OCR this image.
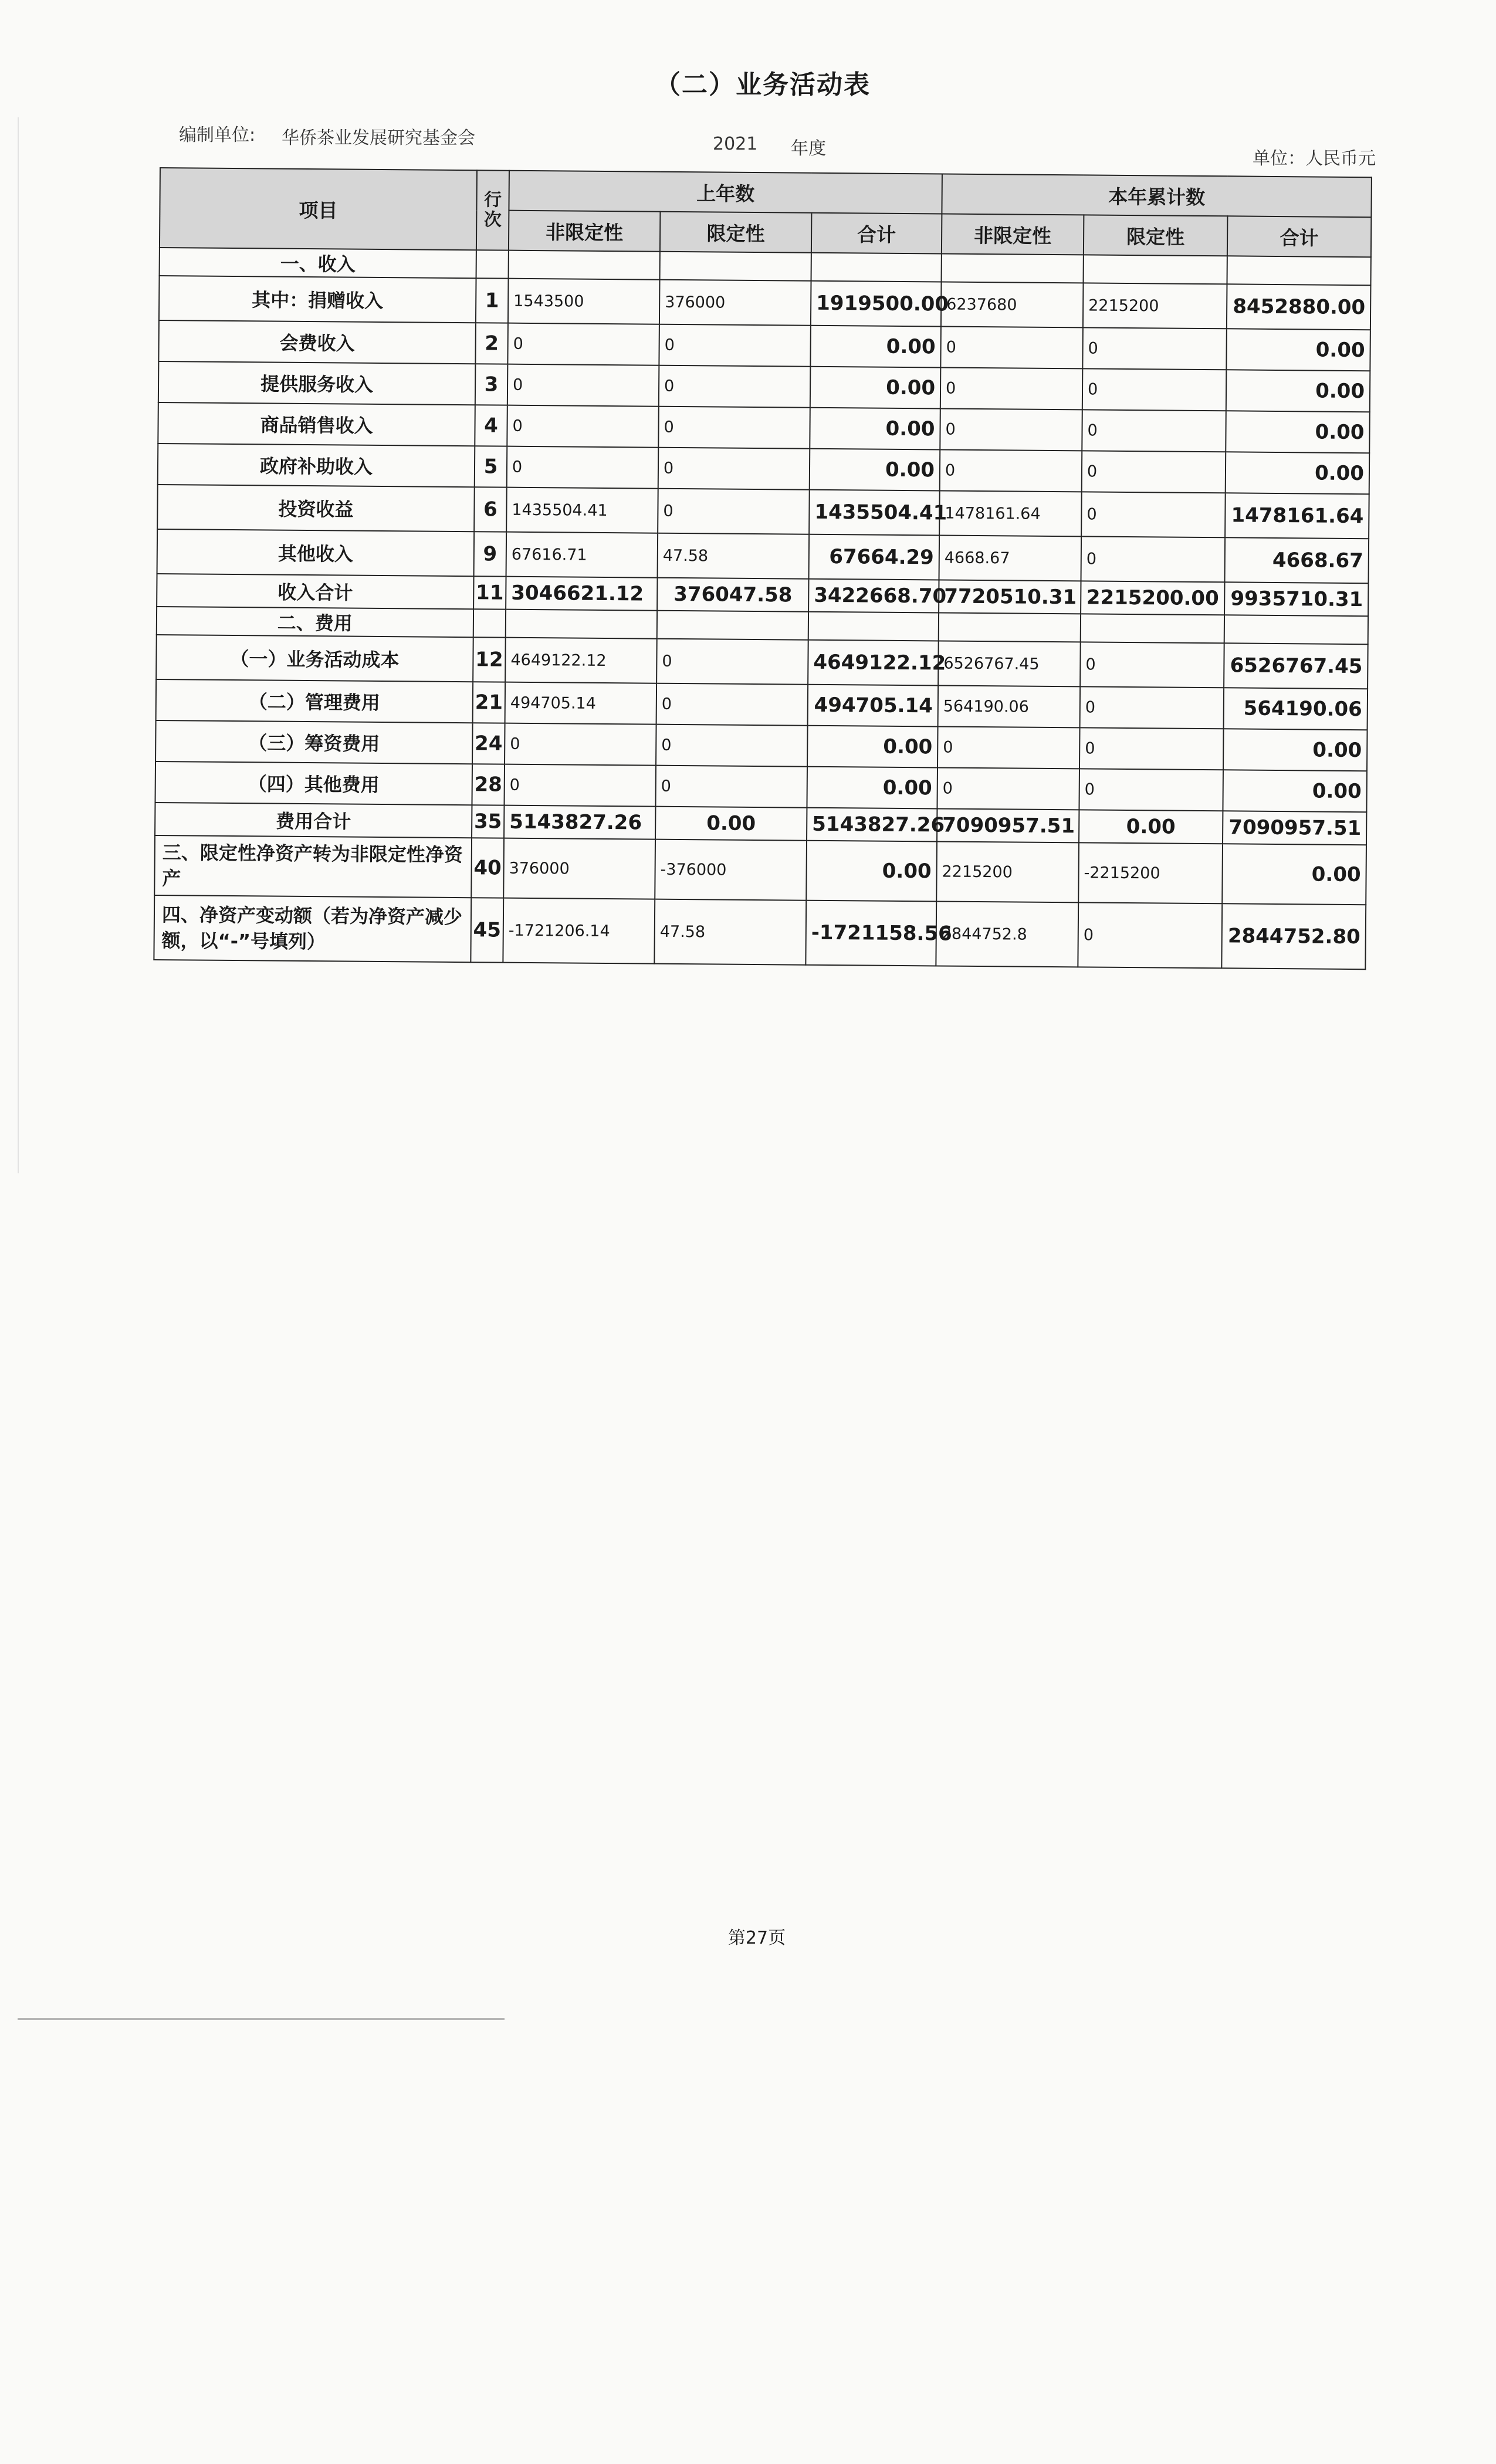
（二）业务活动表
编制单位: 华侨茶业发展研究基金会	2021 年度	单位：人民币元
项目	行次	上年数			本年累计数		
		非限定性	限定性	合计	非限定性	限定性	合计
一、收入							
其中：捐赠收入	1	1543500	376000	1919500.00	6237680	2215200	8452880.00
会费收入	2	0	0	0.00	0	0	0.00
提供服务收入	3	0	0	0.00	0	0	0.00
商品销售收入	4	0	0	0.00	0	0	0.00
政府补助收入	5	0	0	0.00	0	0	0.00
投资收益	6	1435504.41	0	1435504.41	1478161.64	0	1478161.64
其他收入	9	67616.71	47.58	67664.29	4668.67	0	4668.67
收入合计	11	3046621.12	376047.58	3422668.70	7720510.31	2215200.00	9935710.31
二、费用							
（一）业务活动成本	12	4649122.12	0	4649122.12	6526767.45	0	6526767.45
（二）管理费用	21	494705.14	0	494705.14	564190.06	0	564190.06
（三）筹资费用	24	0	0	0.00	0	0	0.00
（四）其他费用	28	0	0	0.00	0	0	0.00
费用合计	35	5143827.26	0.00	5143827.26	7090957.51	0.00	7090957.51
三、限定性净资产转为非限定性净资产	40	376000	-376000	0.00	2215200	-2215200	0.00
四、净资产变动额（若为净资产减少额，以“-”号填列）	45	-1721206.14	47.58	-1721158.56	2844752.8	0	2844752.80
第27页
